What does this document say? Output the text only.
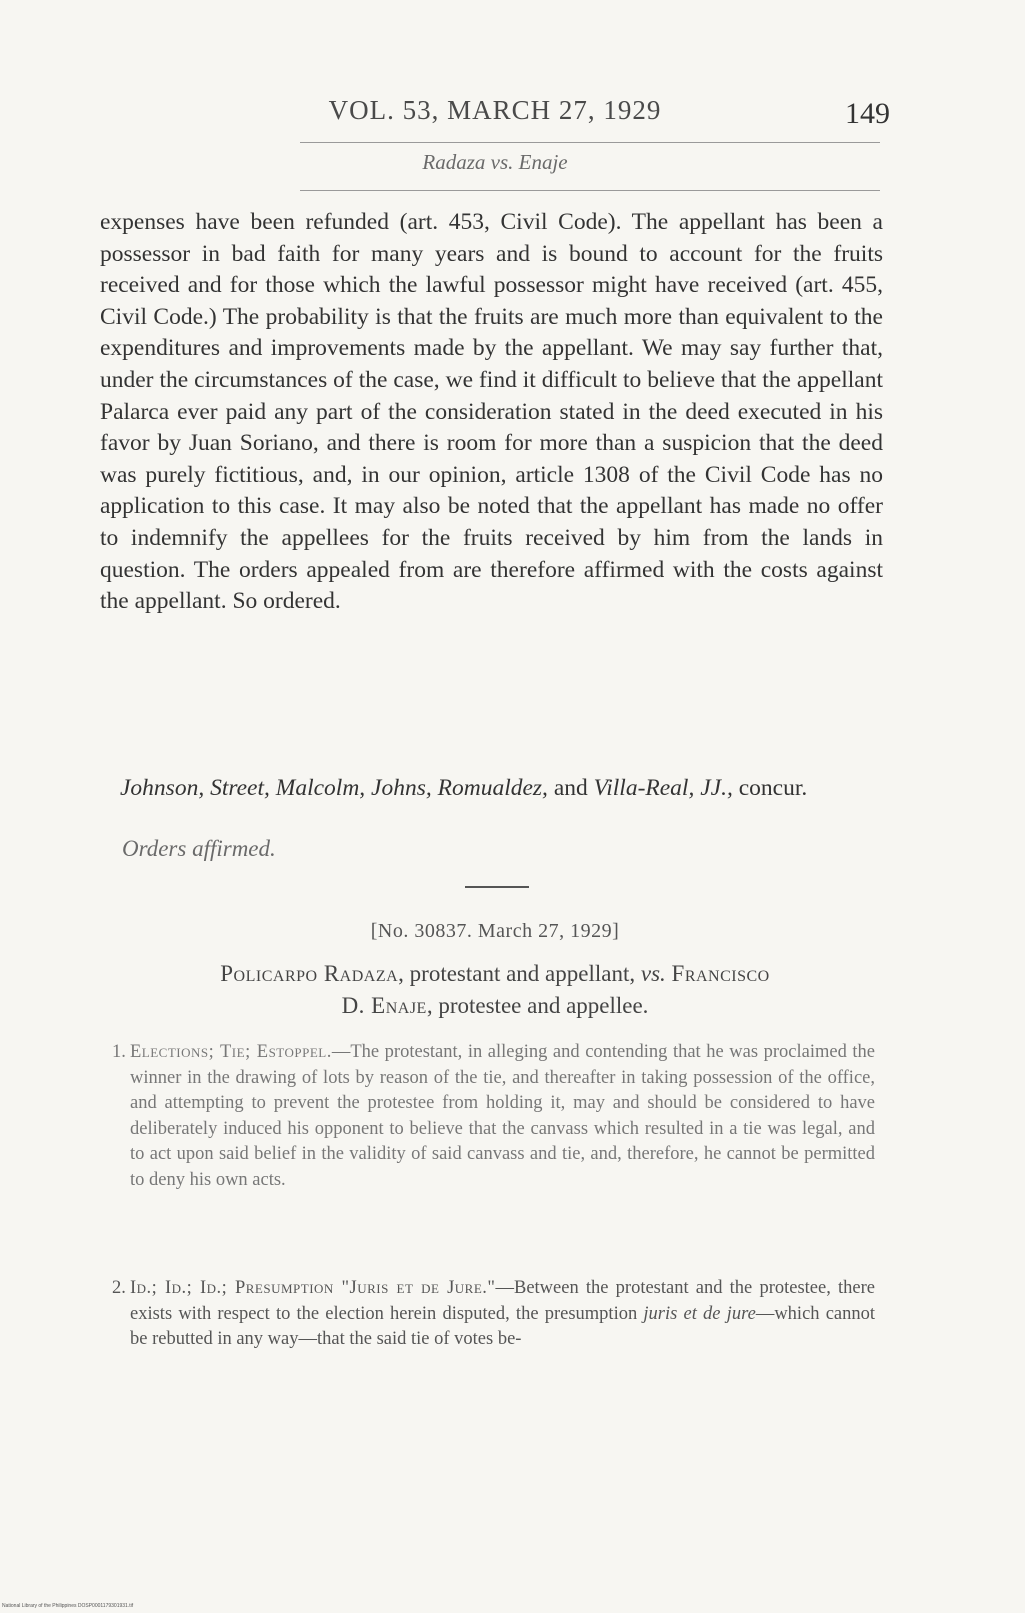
VOL. 53, MARCH 27, 1929	149
Radaza vs. Enaje
expenses have been refunded (art. 453, Civil Code). The appellant has been a possessor in bad faith for many years and is bound to account for the fruits received and for those which the lawful possessor might have received (art. 455, Civil Code.) The probability is that the fruits are much more than equivalent to the expenditures and improvements made by the appellant. We may say further that, under the circumstances of the case, we find it difficult to believe that the appellant Palarca ever paid any part of the consideration stated in the deed executed in his favor by Juan Soriano, and there is room for more than a suspicion that the deed was purely fictitious, and, in our opinion, article 1308 of the Civil Code has no application to this case. It may also be noted that the appellant has made no offer to indemnify the appellees for the fruits received by him from the lands in question. The orders appealed from are therefore affirmed with the costs against the appellant. So ordered.
Johnson, Street, Malcolm, Johns, Romualdez, and Villa-Real, JJ., concur.
Orders affirmed.
[No. 30837. March 27, 1929]
Policarpo Radaza, protestant and appellant, vs. Francisco
D. Enaje, protestee and appellee.
1. Elections; Tie; Estoppel.—The protestant, in alleging and contending that he was proclaimed the winner in the drawing of lots by reason of the tie, and thereafter in taking possession of the office, and attempting to prevent the protestee from holding it, may and should be considered to have deliberately induced his opponent to believe that the canvass which resulted in a tie was legal, and to act upon said belief in the validity of said canvass and tie, and, therefore, he cannot be permitted to deny his own acts.
2. Id.; Id.; Id.; Presumption "Juris et de Jure."—Between the protestant and the protestee, there exists with respect to the election herein disputed, the presumption juris et de jure—which cannot be rebutted in any way—that the said tie of votes be-
National Library of the Philippines DOSP0001179301931.tif
